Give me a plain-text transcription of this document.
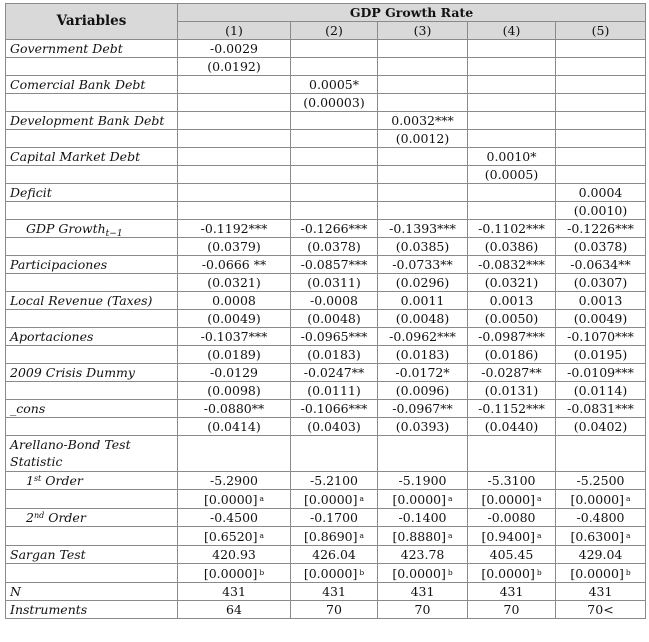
Variables	GDP Growth Rate				
	(1)	(2)	(3)	(4)	(5)
Government Debt	-0.0029				
	(0.0192)				
Comercial Bank Debt		0.0005*			
		(0.00003)			
Development Bank Debt			0.0032***		
			(0.0012)		
Capital Market Debt				0.0010*	
				(0.0005)	
Deficit					0.0004
					(0.0010)
GDP Growth$_{t-1}$	-0.1192***	-0.1266***	-0.1393***	-0.1102***	-0.1226***
	(0.0379)	(0.0378)	(0.0385)	(0.0386)	(0.0378)
Participaciones	-0.0666 **	-0.0857***	-0.0733**	-0.0832***	-0.0634**
	(0.0321)	(0.0311)	(0.0296)	(0.0321)	(0.0307)
Local Revenue (Taxes)	0.0008	-0.0008	0.0011	0.0013	0.0013
	(0.0049)	(0.0048)	(0.0048)	(0.0050)	(0.0049)
Aportaciones	-0.1037***	-0.0965***	-0.0962***	-0.0987***	-0.1070***
	(0.0189)	(0.0183)	(0.0183)	(0.0186)	(0.0195)
2009 Crisis Dummy	-0.0129	-0.0247**	-0.0172*	-0.0287**	-0.0109***
	(0.0098)	(0.0111)	(0.0096)	(0.0131)	(0.0114)
_cons	-0.0880**	-0.1066***	-0.0967**	-0.1152***	-0.0831***
	(0.0414)	(0.0403)	(0.0393)	(0.0440)	(0.0402)
Arellano-Bond Test Statistic					
1st Order	-5.2900	-5.2100	-5.1900	-5.3100	-5.2500
	[0.0000] $^a$	[0.0000] $^a$	[0.0000] $^a$	[0.0000] $^a$	[0.0000] $^a$
2nd Order	-0.4500	-0.1700	-0.1400	-0.0080	-0.4800
	[0.6520] $^a$	[0.8690] $^a$	[0.8880] $^a$	[0.9400] $^a$	[0.6300] $^a$
Sargan Test	420.93	426.04	423.78	405.45	429.04
	[0.0000] $^b$	[0.0000] $^b$	[0.0000] $^b$	[0.0000] $^b$	[0.0000] $^b$
N	431	431	431	431	431
Instruments	64	70	70	70	70<
